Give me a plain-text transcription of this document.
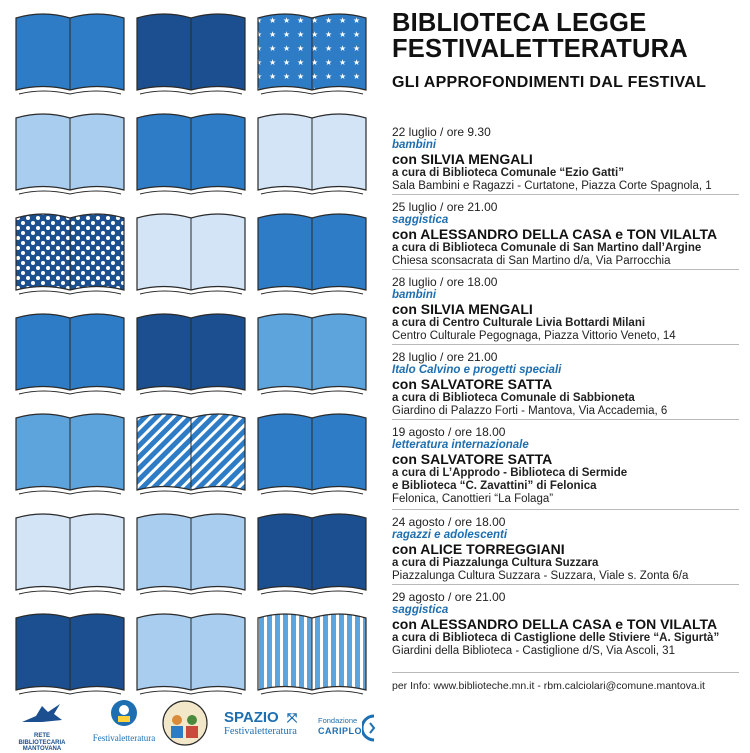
BIBLIOTECA LEGGE
FESTIVALETTERATURA
GLI APPROFONDIMENTI DAL FESTIVAL
22 luglio / ore 9.30
bambini
con SILVIA MENGALI
a cura di Biblioteca Comunale “Ezio Gatti”
Sala Bambini e Ragazzi - Curtatone, Piazza Corte Spagnola, 1
25 luglio / ore 21.00
saggistica
con ALESSANDRO DELLA CASA e TON VILALTA
a cura di Biblioteca Comunale di San Martino dall’Argine
Chiesa sconsacrata di San Martino d/a, Via Parrocchia
28 luglio / ore 18.00
bambini
con SILVIA MENGALI
a cura di Centro Culturale Livia Bottardi Milani
Centro Culturale Pegognaga, Piazza Vittorio Veneto, 14
28 luglio / ore 21.00
Italo Calvino e progetti speciali
con SALVATORE SATTA
a cura di Biblioteca Comunale di Sabbioneta
Giardino di Palazzo Forti - Mantova, Via Accademia, 6
19 agosto / ore 18.00
letteratura internazionale
con SALVATORE SATTA
a cura di L’Approdo - Biblioteca di Sermide
e Biblioteca “C. Zavattini” di Felonica
Felonica, Canottieri “La Folaga”
24 agosto / ore 18.00
ragazzi e adolescenti
con ALICE TORREGGIANI
a cura di Piazzalunga Cultura Suzzara
Piazzalunga Cultura Suzzara - Suzzara, Viale s. Zonta 6/a
29 agosto / ore 21.00
saggistica
con ALESSANDRO DELLA CASA e TON VILALTA
a cura di Biblioteca di Castiglione delle Stiviere “A. Sigurtà”
Giardini della Biblioteca - Castiglione d/S, Via Ascoli, 31
per Info: www.biblioteche.mn.it - rbm.calciolari@comune.mantova.it
RETE
BIBLIOTECARIA
MANTOVANA
Festivaletteratura
SPAZIO ⤧
Festivaletteratura
Fondazione
CARIPLO
